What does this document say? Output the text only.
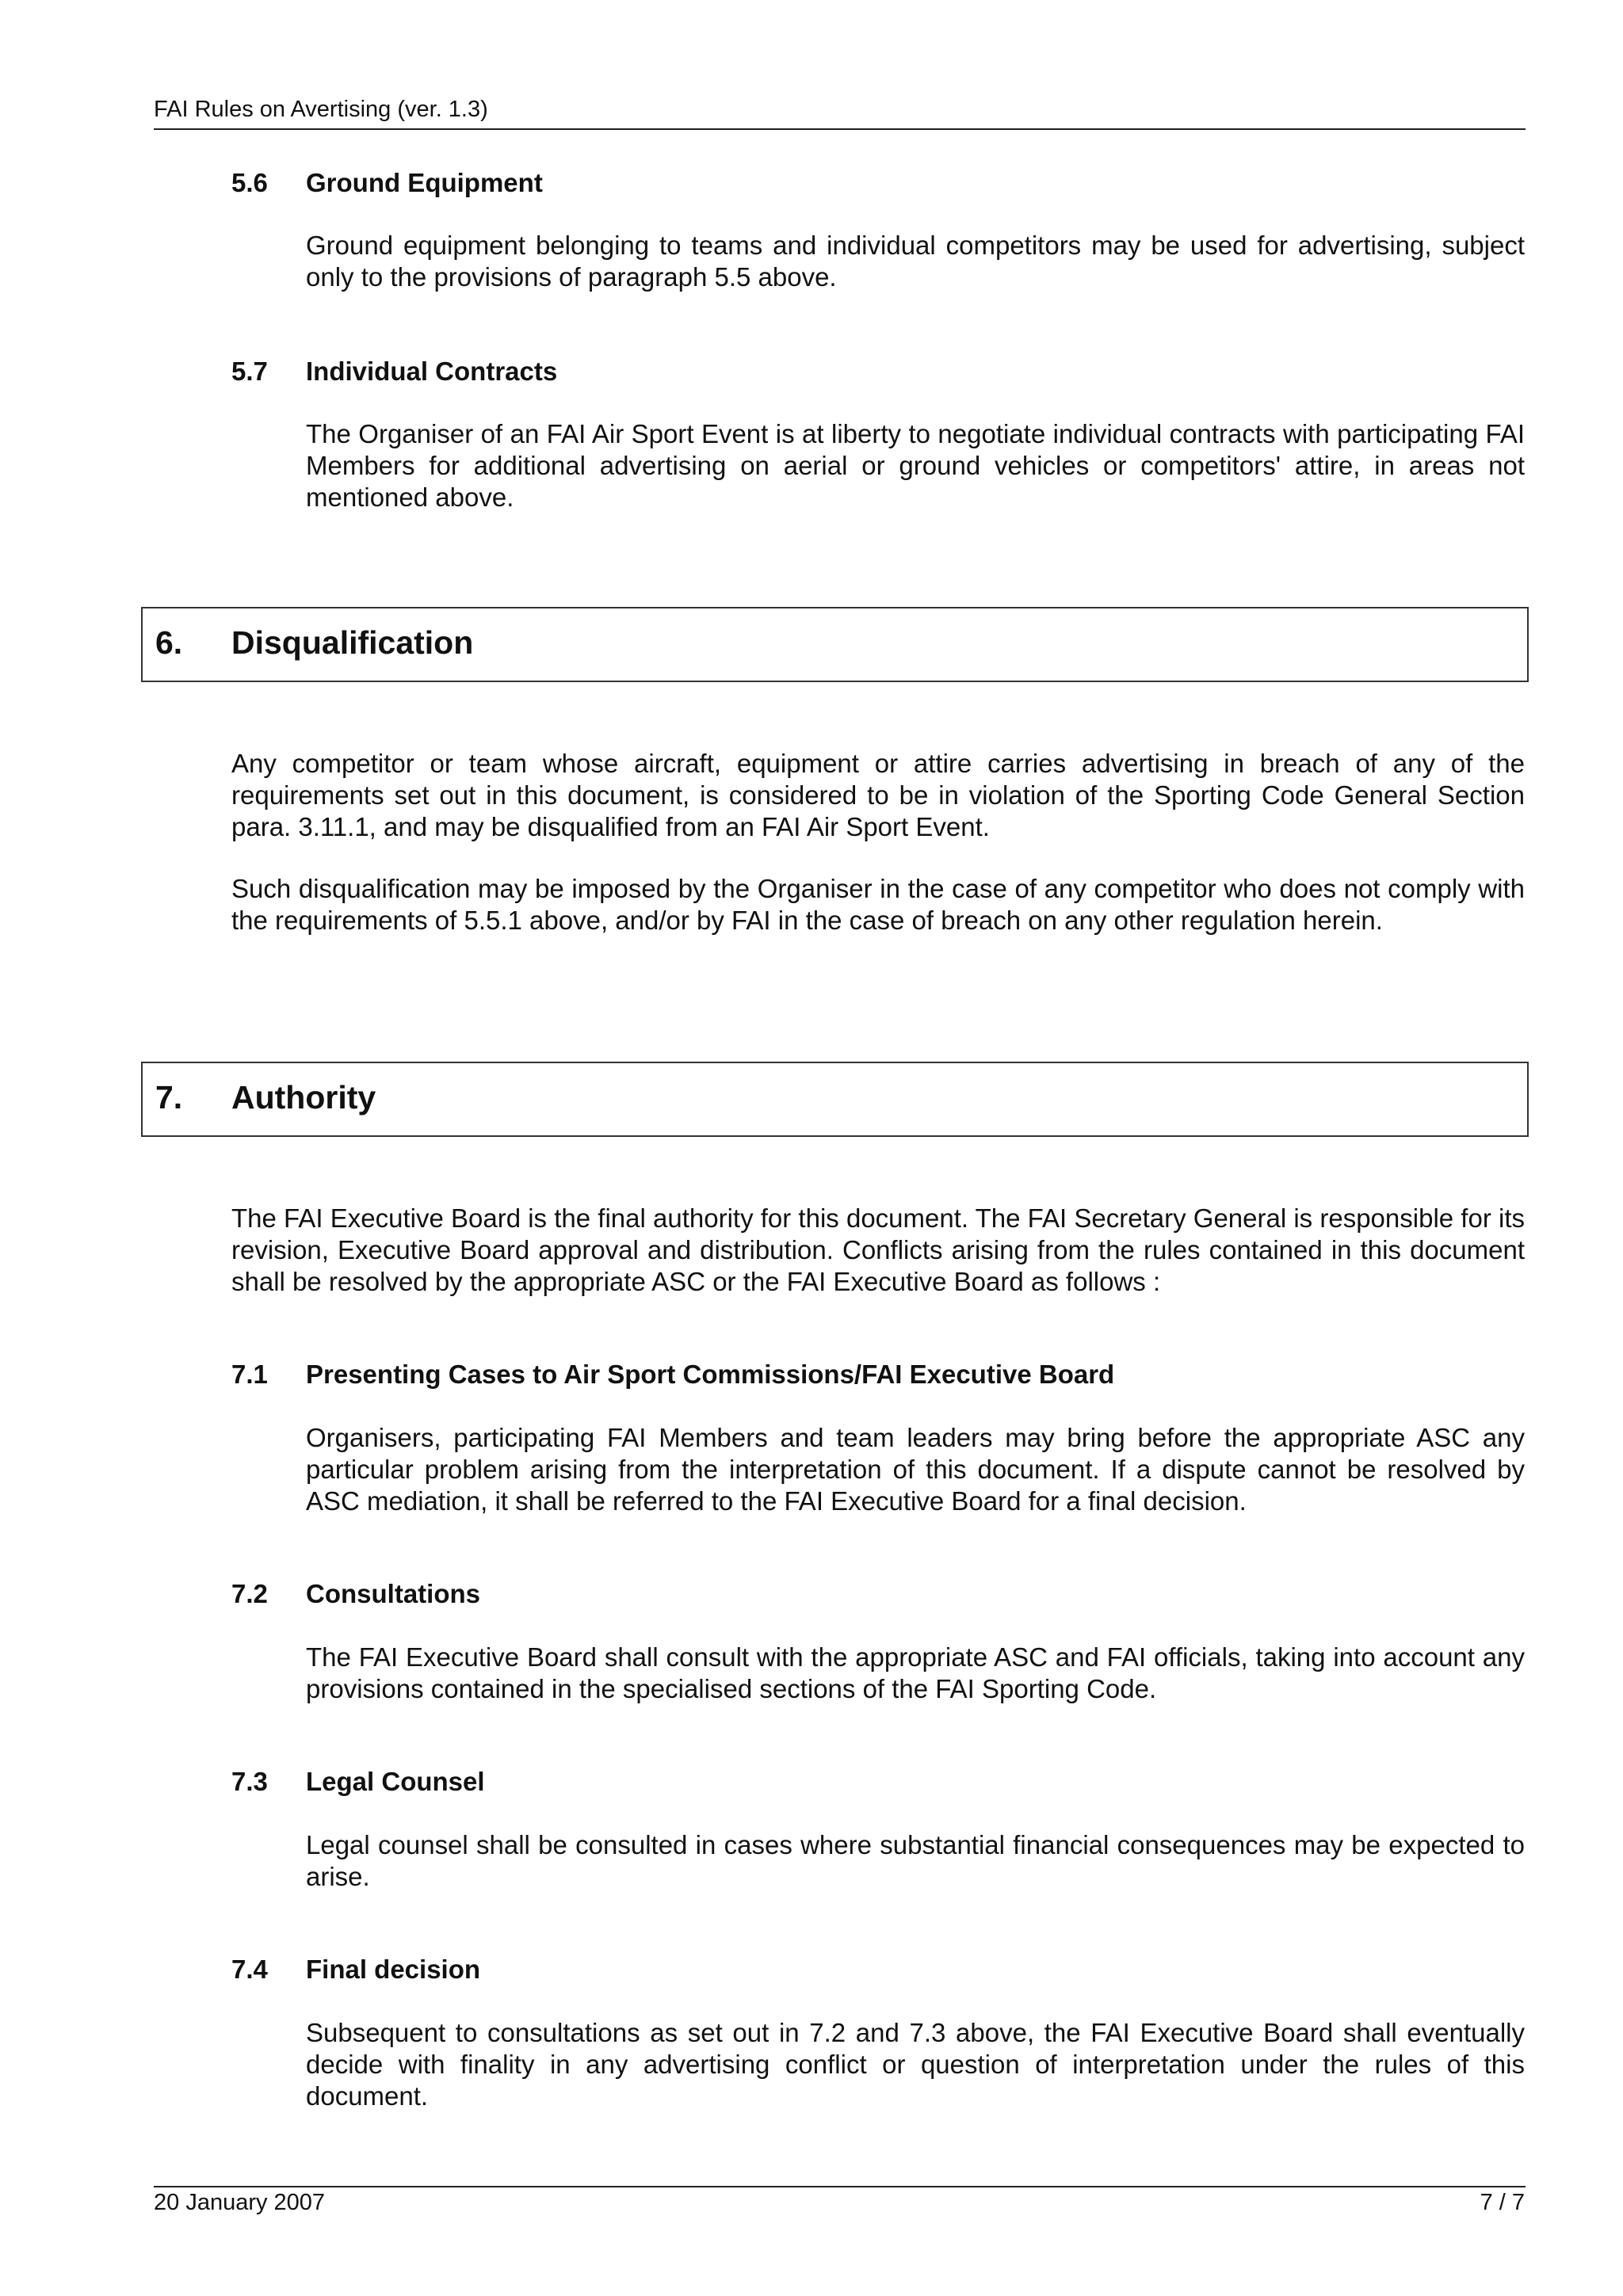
FAI Rules on Avertising (ver. 1.3)
5.6 Ground Equipment
Ground equipment belonging to teams and individual competitors may be used for advertising, subject only to the provisions of paragraph 5.5 above.
5.7 Individual Contracts
The Organiser of an FAI Air Sport Event is at liberty to negotiate individual contracts with participating FAI Members for additional advertising on aerial or ground vehicles or competitors' attire, in areas not mentioned above.
6. Disqualification
Any competitor or team whose aircraft, equipment or attire carries advertising in breach of any of the requirements set out in this document, is considered to be in violation of the Sporting Code General Section para. 3.11.1, and may be disqualified from an FAI Air Sport Event.
Such disqualification may be imposed by the Organiser in the case of any competitor who does not comply with the requirements of 5.5.1 above, and/or by FAI in the case of breach on any other regulation herein.
7. Authority
The FAI Executive Board is the final authority for this document. The FAI Secretary General is responsible for its revision, Executive Board approval and distribution. Conflicts arising from the rules contained in this document shall be resolved by the appropriate ASC or the FAI Executive Board as follows :
7.1 Presenting Cases to Air Sport Commissions/FAI Executive Board
Organisers, participating FAI Members and team leaders may bring before the appropriate ASC any particular problem arising from the interpretation of this document. If a dispute cannot be resolved by ASC mediation, it shall be referred to the FAI Executive Board for a final decision.
7.2 Consultations
The FAI Executive Board shall consult with the appropriate ASC and FAI officials, taking into account any provisions contained in the specialised sections of the FAI Sporting Code.
7.3 Legal Counsel
Legal counsel shall be consulted in cases where substantial financial consequences may be expected to arise.
7.4 Final decision
Subsequent to consultations as set out in 7.2 and 7.3 above, the FAI Executive Board shall eventually decide with finality in any advertising conflict or question of interpretation under the rules of this document.
20 January 2007	7 / 7
